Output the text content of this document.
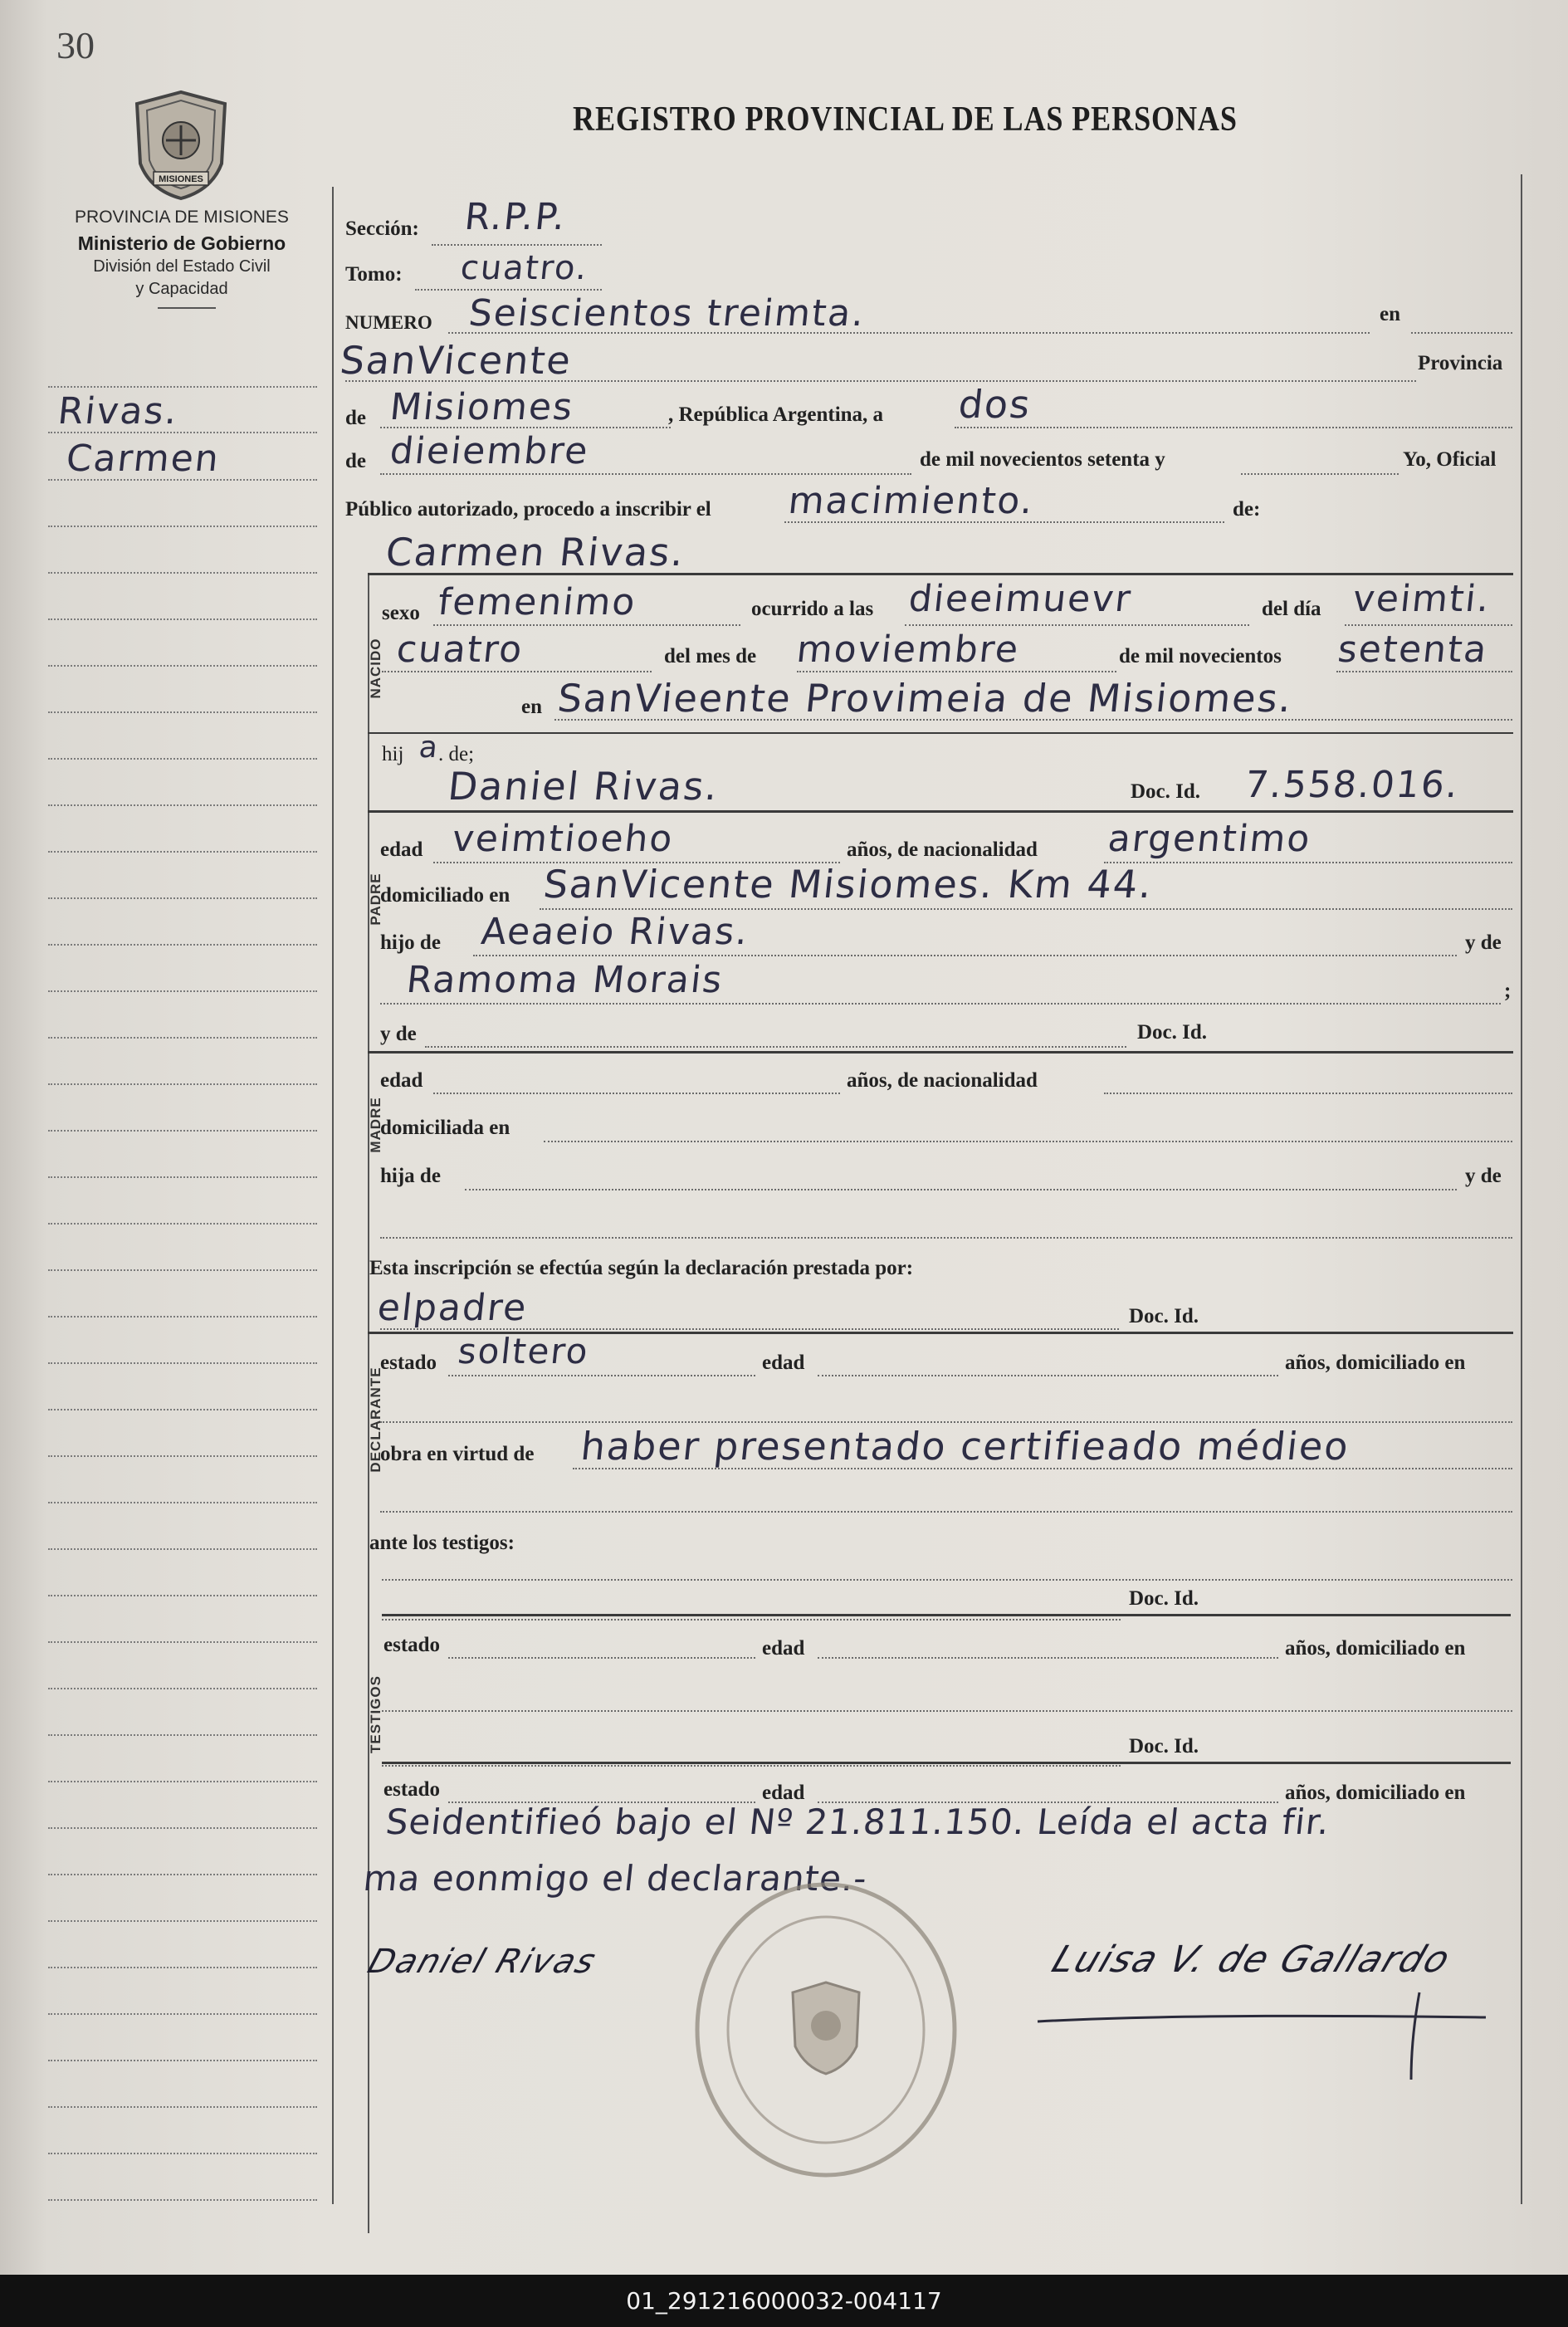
30
MISIONES
PROVINCIA DE MISIONES
Ministerio de Gobierno
División del Estado Civil
y Capacidad
REGISTRO PROVINCIAL DE LAS PERSONAS
Rivas.
Carmen
NACIDO
PADRE
MADRE
DECLARANTE
TESTIGOS
Sección: R.P.P.
Tomo: cuatro.
NUMERO Seiscientos treimta.	en
SanVicente	Provincia
de Misiomes	, República Argentina, a dos
de dieiembre	de mil novecientos setenta y	Yo, Oficial
Público autorizado, procedo a inscribir el macimiento.	de:
Carmen Rivas.
sexo femenimo	ocurrido a las dieeimuevr	del día veimti.
cuatro	del mes de moviembre	de mil novecientos setenta
en SanVieente Provimeia de Misiomes.
hij a
. de;
Daniel Rivas.	Doc. Id. 7.558.016.
edad veimtioeho	años, de nacionalidad argentimo
domiciliado en SanVicente Misiomes. Km 44.
hijo de Aeaeio Rivas.	y de
Ramoma Morais	;
y de	Doc. Id.
edad	años, de nacionalidad
domiciliada en
hija de	y de
Esta inscripción se efectúa según la declaración prestada por:
elpadre	Doc. Id.
estado soltero	edad	años, domiciliado en
obra en virtud de haber presentado certifieado médieo
ante los testigos:
Doc. Id.
estado	edad	años, domiciliado en
Doc. Id.
estado	edad	años, domiciliado en
Seidentifieó bajo el Nº 21.811.150. Leída el acta fir.
ma eonmigo el declarante.-
Daniel Rivas	Luisa V. de Gallardo
01_291216000032-004117
